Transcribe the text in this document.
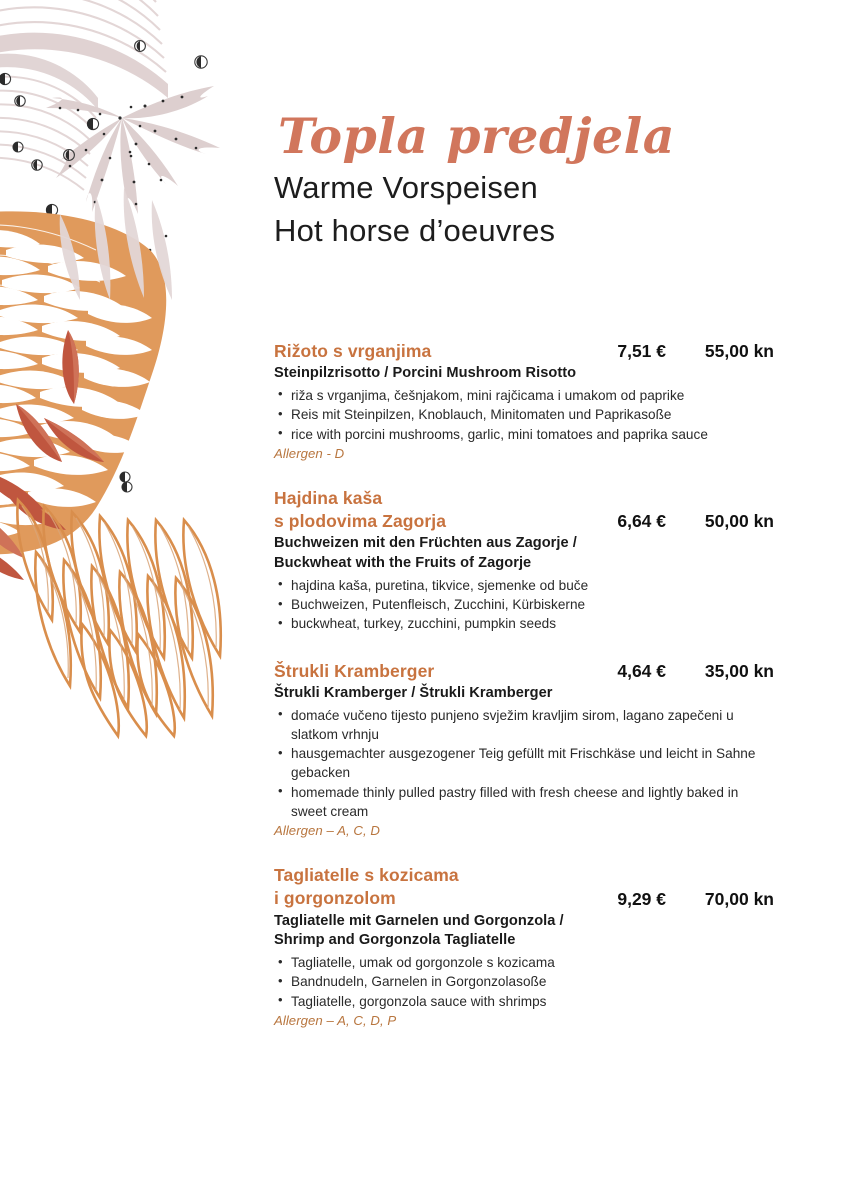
Topla predjela
Warme Vorspeisen
Hot horse d’oeuvres
Rižoto s vrganjima	7,51 €	55,00 kn
Steinpilzrisotto / Porcini Mushroom Risotto
• riža s vrganjima, češnjakom, mini rajčicama i umakom od paprike
• Reis mit Steinpilzen, Knoblauch, Minitomaten und Paprikasoße
• rice with porcini mushrooms, garlic, mini tomatoes and paprika sauce
Allergen - D
Hajdina kaša
s plodovima Zagorja	6,64 €	50,00 kn
Buchweizen mit den Früchten aus Zagorje /
Buckwheat with the Fruits of Zagorje
• hajdina kaša, puretina, tikvice, sjemenke od buče
• Buchweizen, Putenfleisch, Zucchini, Kürbiskerne
• buckwheat, turkey, zucchini, pumpkin seeds
Štrukli Kramberger	4,64 €	35,00 kn
Štrukli Kramberger / Štrukli Kramberger
• domaće vučeno tijesto punjeno svježim kravljim sirom, lagano zapečeni u slatkom vrhnju
• hausgemachter ausgezogener Teig gefüllt mit Frischkäse und leicht in Sahne gebacken
• homemade thinly pulled pastry filled with fresh cheese and lightly baked in sweet cream
Allergen – A, C, D
Tagliatelle s kozicama
i gorgonzolom	9,29 €	70,00 kn
Tagliatelle mit Garnelen und Gorgonzola /
Shrimp and Gorgonzola Tagliatelle
• Tagliatelle, umak od gorgonzole s kozicama
• Bandnudeln, Garnelen in Gorgonzolasoße
• Tagliatelle, gorgonzola sauce with shrimps
Allergen – A, C, D, P
